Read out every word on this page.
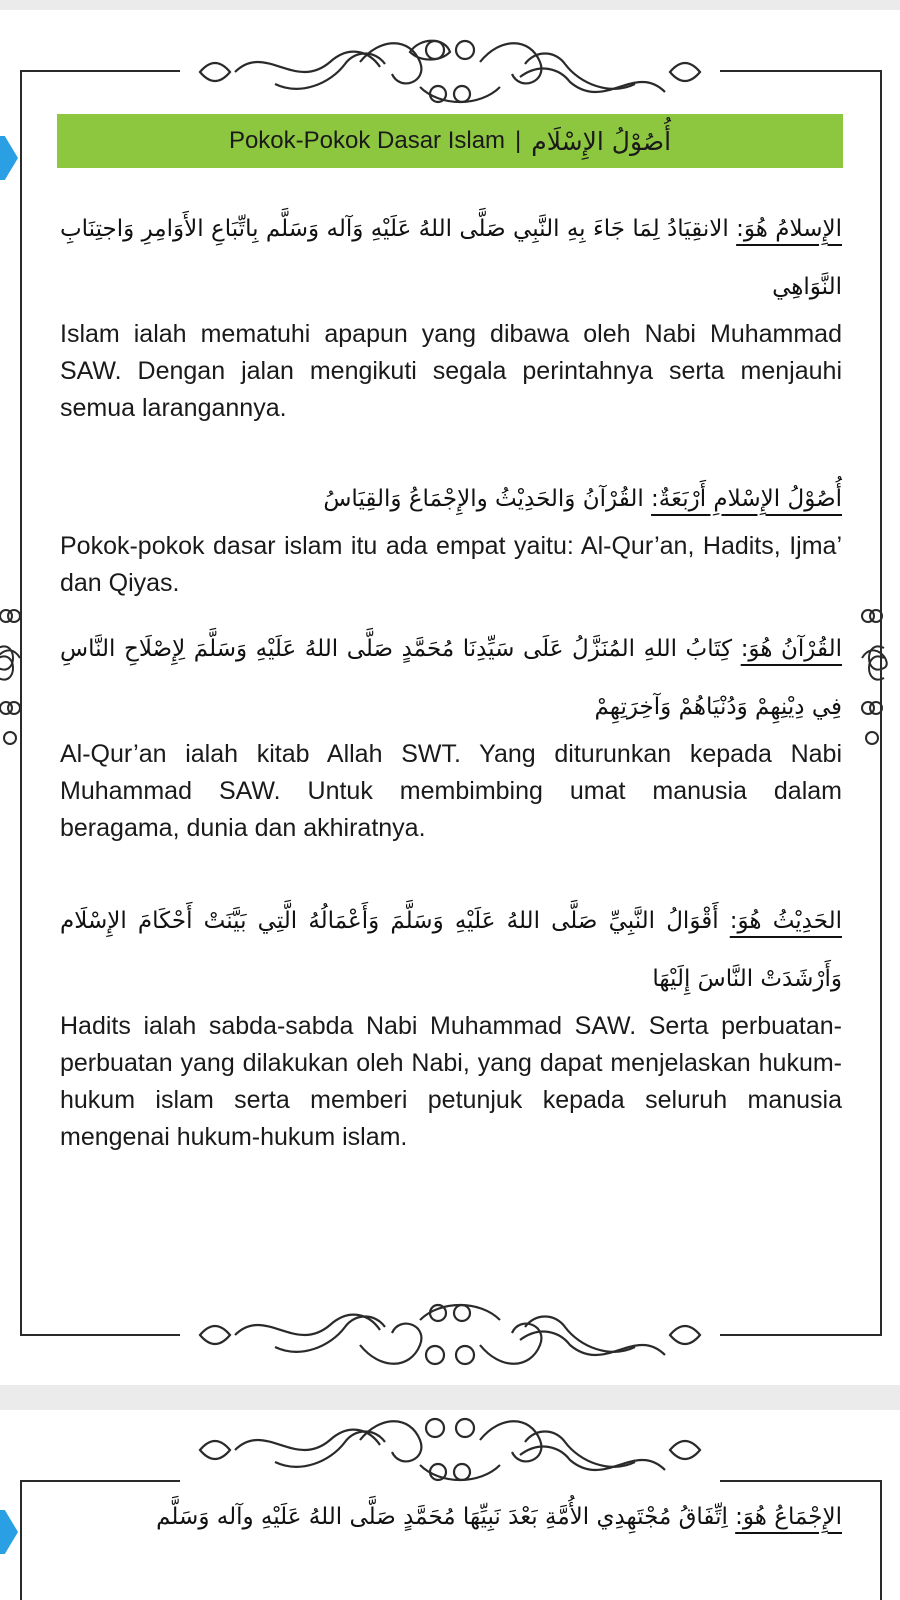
Pokok-Pokok Dasar Islam | أُصُوْلُ الإِسْلَام

الإِسلامُ هُوَ: الانقِيَادُ لِمَا جَاءَ بِهِ النَّبِي صَلَّى اللهُ عَلَيْهِ وَآله وَسَلَّم بِاتِّبَاعِ الأَوَامِرِ وَاجتِنَابِ النَّوَاهِي

Islam ialah mematuhi apapun yang dibawa oleh Nabi Muhammad SAW. Dengan jalan mengikuti segala perintahnya serta menjauhi semua larangannya.

أُصُوْلُ الإِسْلامِ أَرْبَعَةٌ: القُرْآنُ وَالحَدِيْثُ والإِجْمَاعُ وَالقِيَاسُ

Pokok-pokok dasar islam itu ada empat yaitu: Al-Qur’an, Hadits, Ijma’ dan Qiyas.

القُرْآنُ هُوَ: كِتَابُ اللهِ المُنَزَّلُ عَلَى سَيِّدِنَا مُحَمَّدٍ صَلَّى اللهُ عَلَيْهِ وَسَلَّمَ لِإِصْلَاحِ النَّاسِ فِي دِيْنِهِمْ وَدُنْيَاهُمْ وَآخِرَتِهِمْ

Al-Qur’an ialah kitab Allah SWT. Yang diturunkan kepada Nabi Muhammad SAW. Untuk membimbing umat manusia dalam beragama, dunia dan akhiratnya.

الحَدِيْثُ هُوَ: أَقْوَالُ النَّبِيِّ صَلَّى اللهُ عَلَيْهِ وَسَلَّمَ وَأَعْمَالُهُ الَّتِي بَيَّنَتْ أَحْكَامَ الإِسْلَام وَأَرْشَدَتْ النَّاسَ إِلَيْهَا

Hadits ialah sabda-sabda Nabi Muhammad SAW. Serta perbuatan-perbuatan yang dilakukan oleh Nabi, yang dapat menjelaskan hukum-hukum islam serta memberi petunjuk kepada seluruh manusia mengenai hukum-hukum islam.

الإِجْمَاعُ هُوَ: اِتِّفَاقُ مُجْتَهِدِي الأُمَّةِ بَعْدَ نَبِيِّهَا مُحَمَّدٍ صَلَّى اللهُ عَلَيْهِ وآله وَسَلَّم
